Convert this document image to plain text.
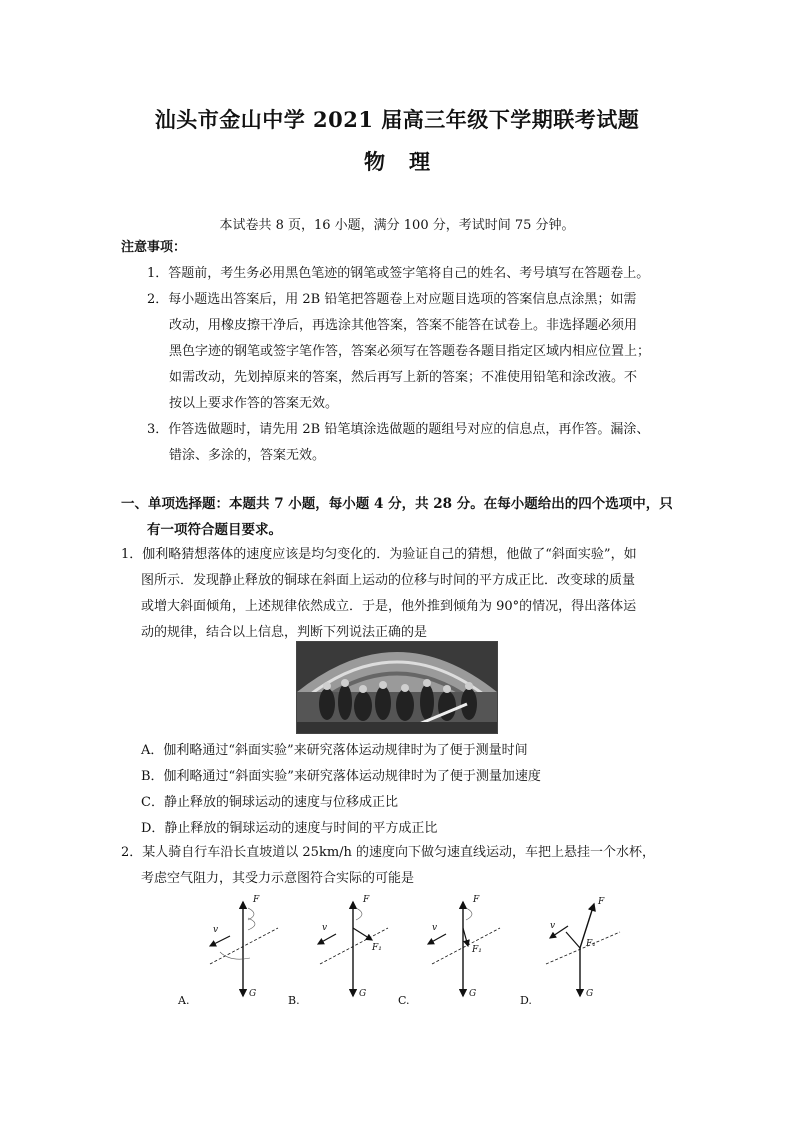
汕头市金山中学 2021 届高三年级下学期联考试题
物理
本试卷共 8 页，16 小题，满分 100 分，考试时间 75 分钟。
注意事项：
1．答题前，考生务必用黑色笔迹的钢笔或签字笔将自己的姓名、考号填写在答题卷上。
2．每小题选出答案后，用 2B 铅笔把答题卷上对应题目选项的答案信息点涂黑；如需
改动，用橡皮擦干净后，再选涂其他答案，答案不能答在试卷上。非选择题必须用
黑色字迹的钢笔或签字笔作答，答案必须写在答题卷各题目指定区域内相应位置上；
如需改动，先划掉原来的答案，然后再写上新的答案；不准使用铅笔和涂改液。不
按以上要求作答的答案无效。
3．作答选做题时，请先用 2B 铅笔填涂选做题的题组号对应的信息点，再作答。漏涂、
错涂、多涂的，答案无效。
一、单项选择题：本题共 7 小题，每小题 4 分，共 28 分。在每小题给出的四个选项中，只
有一项符合题目要求。
1．伽利略猜想落体的速度应该是均匀变化的．为验证自己的猜想，他做了“斜面实验”，如
图所示．发现静止释放的铜球在斜面上运动的位移与时间的平方成正比．改变球的质量
或增大斜面倾角，上述规律依然成立．于是，他外推到倾角为 90°的情况，得出落体运
动的规律，结合以上信息，判断下列说法正确的是
A．伽利略通过“斜面实验”来研究落体运动规律时为了便于测量时间
B．伽利略通过“斜面实验”来研究落体运动规律时为了便于测量加速度
C．静止释放的铜球运动的速度与位移成正比
D．静止释放的铜球运动的速度与时间的平方成正比
2．某人骑自行车沿长直坡道以 25km/h 的速度向下做匀速直线运动，车把上悬挂一个水杯，
考虑空气阻力，其受力示意图符合实际的可能是
F
v
G
A.
F
v
F₁
G
B.
F
v
F₁
G
C.
F
v
F₁
G
D.
